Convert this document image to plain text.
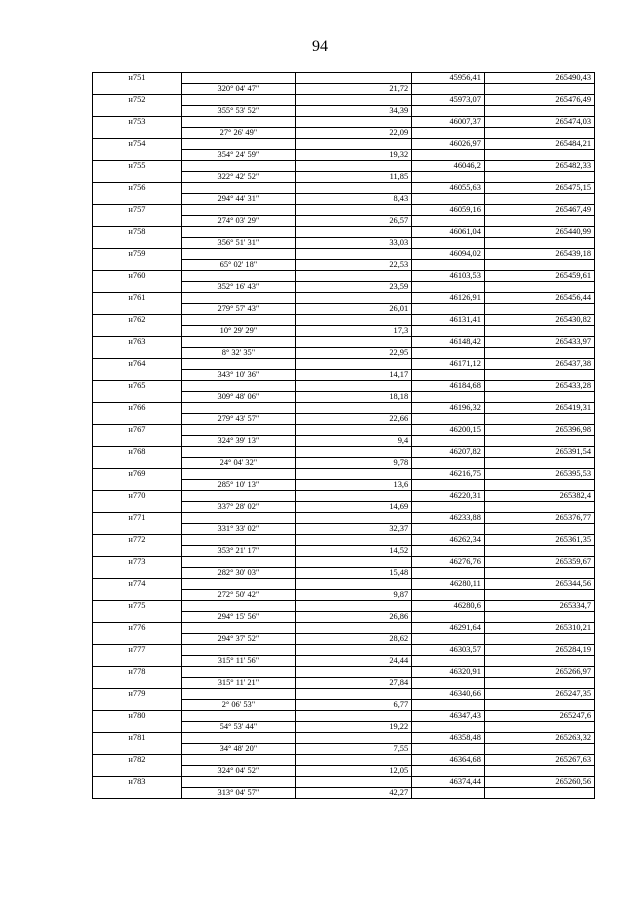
94
н751			45956,41	265490,43
	320° 04' 47"	21,72		
н752			45973,07	265476,49
	355° 53' 52"	34,39		
н753			46007,37	265474,03
	27° 26' 49"	22,09		
н754			46026,97	265484,21
	354° 24' 59"	19,32		
н755			46046,2	265482,33
	322° 42' 52"	11,85		
н756			46055,63	265475,15
	294° 44' 31"	8,43		
н757			46059,16	265467,49
	274° 03' 29"	26,57		
н758			46061,04	265440,99
	356° 51' 31"	33,03		
н759			46094,02	265439,18
	65° 02' 18"	22,53		
н760			46103,53	265459,61
	352° 16' 43"	23,59		
н761			46126,91	265456,44
	279° 57' 43"	26,01		
н762			46131,41	265430,82
	10° 29' 29"	17,3		
н763			46148,42	265433,97
	8° 32' 35"	22,95		
н764			46171,12	265437,38
	343° 10' 36"	14,17		
н765			46184,68	265433,28
	309° 48' 06"	18,18		
н766			46196,32	265419,31
	279° 43' 57"	22,66		
н767			46200,15	265396,98
	324° 39' 13"	9,4		
н768			46207,82	265391,54
	24° 04' 32"	9,78		
н769			46216,75	265395,53
	285° 10' 13"	13,6		
н770			46220,31	265382,4
	337° 28' 02"	14,69		
н771			46233,88	265376,77
	331° 33' 02"	32,37		
н772			46262,34	265361,35
	353° 21' 17"	14,52		
н773			46276,76	265359,67
	282° 30' 03"	15,48		
н774			46280,11	265344,56
	272° 50' 42"	9,87		
н775			46280,6	265334,7
	294° 15' 56"	26,86		
н776			46291,64	265310,21
	294° 37' 52"	28,62		
н777			46303,57	265284,19
	315° 11' 56"	24,44		
н778			46320,91	265266,97
	315° 11' 21"	27,84		
н779			46340,66	265247,35
	2° 06' 53"	6,77		
н780			46347,43	265247,6
	54° 53' 44"	19,22		
н781			46358,48	265263,32
	34° 48' 20"	7,55		
н782			46364,68	265267,63
	324° 04' 52"	12,05		
н783			46374,44	265260,56
	313° 04' 57"	42,27		
